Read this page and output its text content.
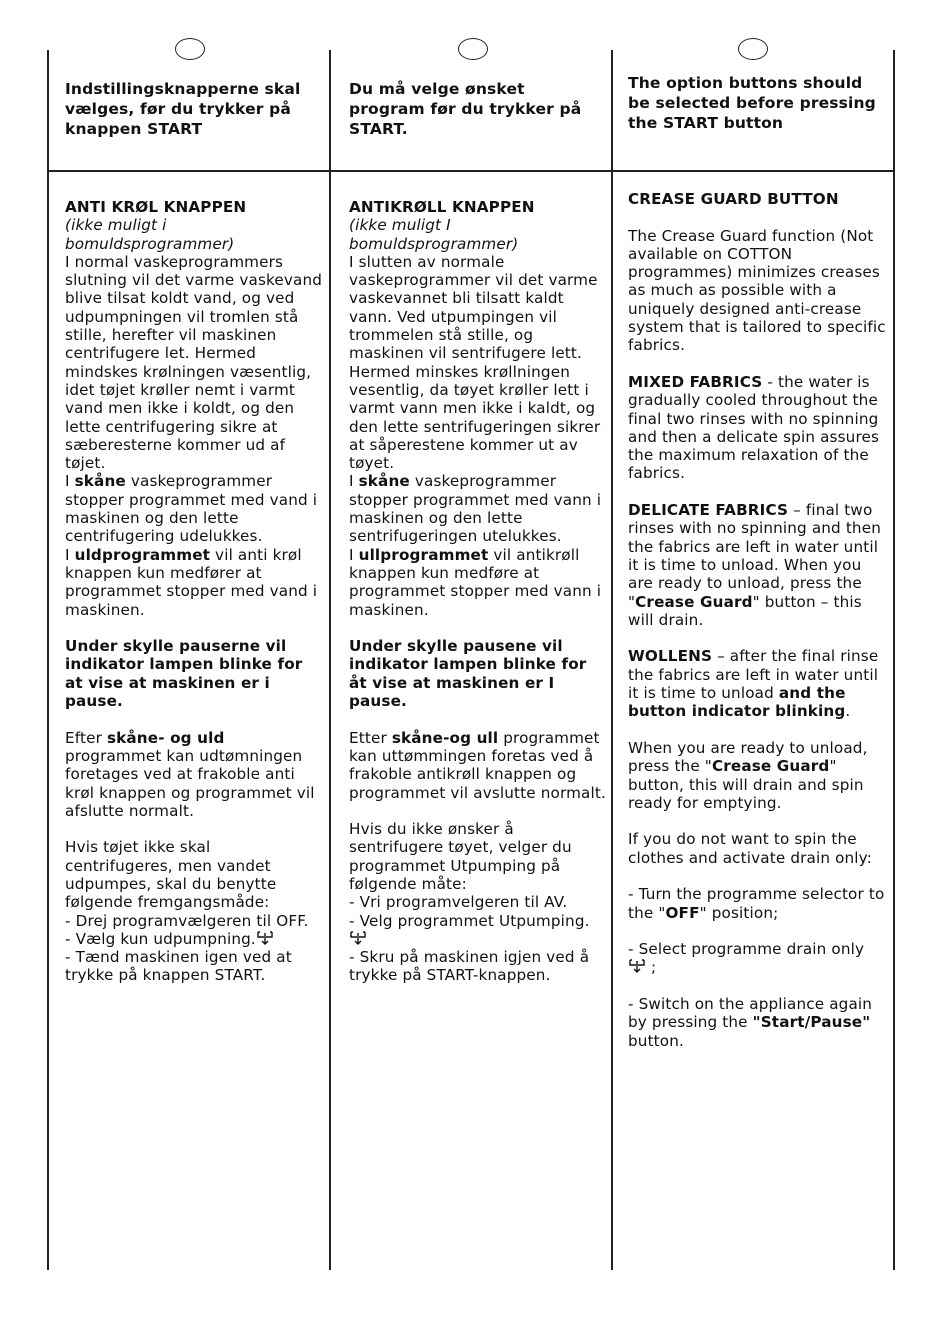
Indstillingsknapperne skal vælges, før du trykker på knappen START

ANTI KRØL KNAPPEN

(ikke muligt i bomuldsprogrammer)

I normal vaskeprogrammers slutning vil det varme vaskevand blive tilsat koldt vand, og ved udpumpningen vil tromlen stå stille, herefter vil maskinen centrifugere let. Hermed mindskes krølningen væsentlig, idet tøjet krøller nemt i varmt vand men ikke i koldt, og den lette centrifugering sikre at sæberesterne kommer ud af tøjet.

I skåne vaskeprogrammer stopper programmet med vand i maskinen og den lette centrifugering udelukkes.

I uldprogrammet vil anti krøl knappen kun medfører at programmet stopper med vand i maskinen.

Under skylle pauserne vil indikator lampen blinke for at vise at maskinen er i pause.

Efter skåne- og uld programmet kan udtømningen foretages ved at frakoble anti krøl knappen og programmet vil afslutte normalt.

Hvis tøjet ikke skal centrifugeres, men vandet udpumpes, skal du benytte følgende fremgangsmåde:

- Drej programvælgeren til OFF.

- Vælg kun udpumpning.

- Tænd maskinen igen ved at trykke på knappen START.

Du må velge ønsket program før du trykker på START.

ANTIKRØLL KNAPPEN

(ikke muligt I bomuldsprogrammer)

I slutten av normale vaskeprogrammer vil det varme vaskevannet bli tilsatt kaldt vann. Ved utpumpingen vil trommelen stå stille, og maskinen vil sentrifugere lett. Hermed minskes krøllningen vesentlig, da tøyet krøller lett i varmt vann men ikke i kaldt, og den lette sentrifugeringen sikrer at såperestene kommer ut av tøyet.

I skåne vaskeprogrammer stopper programmet med vann i maskinen og den lette sentrifugeringen utelukkes.

I ullprogrammet vil antikrøll knappen kun medføre at programmet stopper med vann i maskinen.

Under skylle pausene vil indikator lampen blinke for åt vise at maskinen er I pause.

Etter skåne-og ull programmet kan uttømmingen foretas ved å frakoble antikrøll knappen og programmet vil avslutte normalt.

Hvis du ikke ønsker å sentrifugere tøyet, velger du programmet Utpumping på følgende måte:

- Vri programvelgeren til AV.

- Velg programmet Utpumping.

- Skru på maskinen igjen ved å trykke på START-knappen.

The option buttons should be selected before pressing the START button

CREASE GUARD BUTTON

The Crease Guard function (Not available on COTTON programmes) minimizes creases as much as possible with a uniquely designed anti-crease system that is tailored to specific fabrics.

MIXED FABRICS - the water is gradually cooled throughout the final two rinses with no spinning and then a delicate spin assures the maximum relaxation of the fabrics.

DELICATE FABRICS – final two rinses with no spinning and then the fabrics are left in water until it is time to unload. When you are ready to unload, press the "Crease Guard" button – this will drain.

WOLLENS – after the final rinse the fabrics are left in water until it is time to unload and the button indicator blinking.

When you are ready to unload, press the "Crease Guard" button, this will drain and spin ready for emptying.

If you do not want to spin the clothes and activate drain only:

- Turn the programme selector to the "OFF" position;

- Select programme drain only
;

- Switch on the appliance again by pressing the "Start/Pause" button.
